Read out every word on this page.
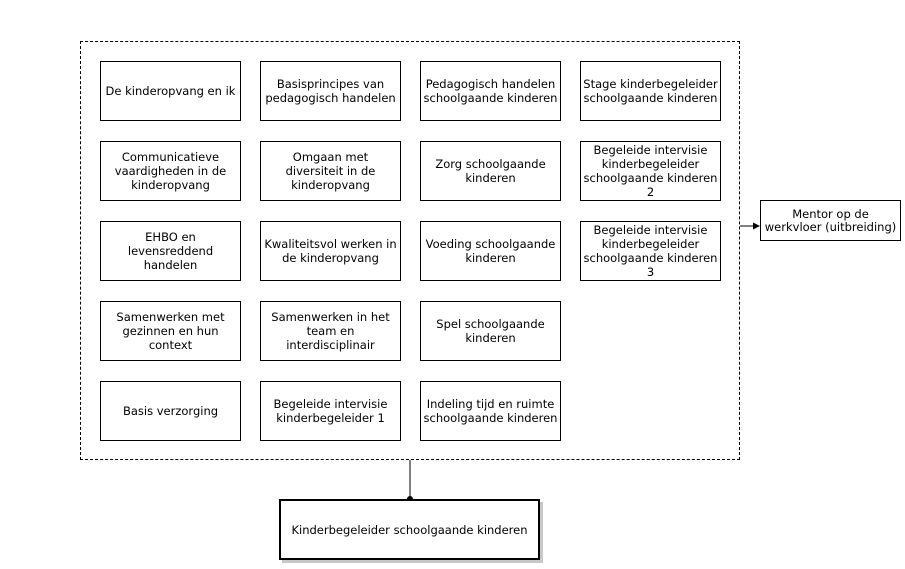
De kinderopvang en ik
Communicatieve vaardigheden in de kinderopvang
EHBO en levensreddend handelen
Samenwerken met gezinnen en hun context
Basis verzorging
Basisprincipes van pedagogisch handelen
Omgaan met diversiteit in de kinderopvang
Kwaliteitsvol werken in de kinderopvang
Samenwerken in het team en interdisciplinair
Begeleide intervisie kinderbegeleider 1
Pedagogisch handelen schoolgaande kinderen
Zorg schoolgaande kinderen
Voeding schoolgaande kinderen
Spel schoolgaande kinderen
Indeling tijd en ruimte schoolgaande kinderen
Stage kinderbegeleider schoolgaande kinderen
Begeleide intervisie kinderbegeleider schoolgaande kinderen 2
Begeleide intervisie kinderbegeleider schoolgaande kinderen 3
Mentor op de werkvloer (uitbreiding)
Kinderbegeleider schoolgaande kinderen
